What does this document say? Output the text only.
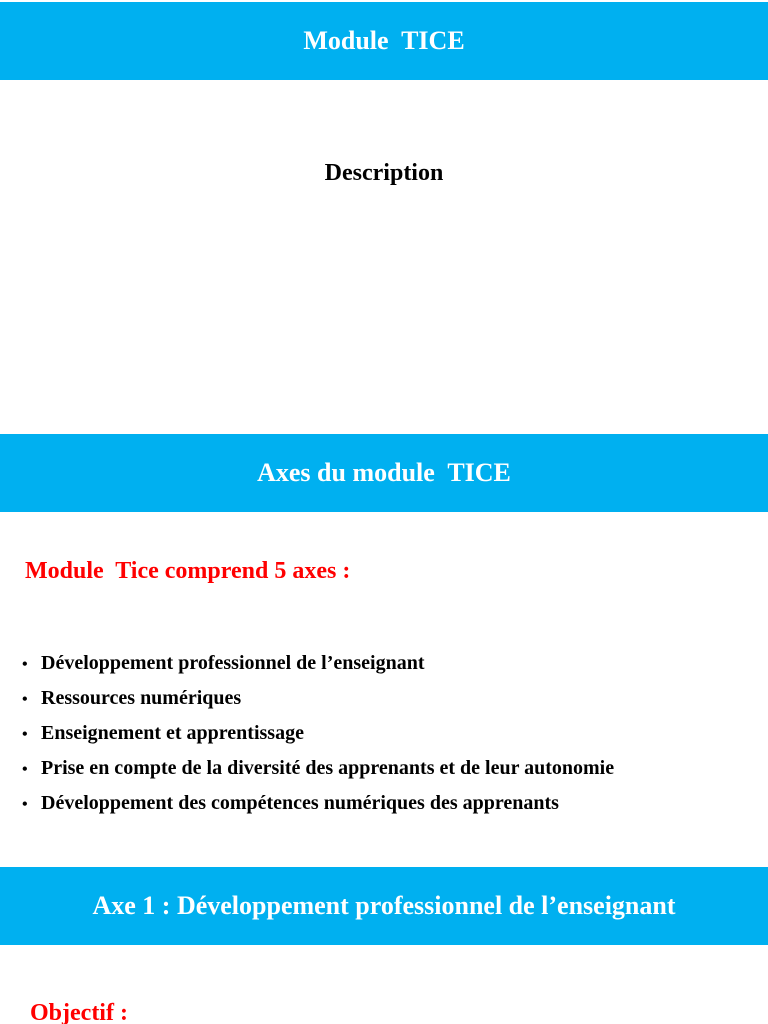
Module  TICE
Description
Axes du module  TICE
Module  Tice comprend 5 axes :
• Développement professionnel de l’enseignant
• Ressources numériques
• Enseignement et apprentissage
• Prise en compte de la diversité des apprenants et de leur autonomie
• Développement des compétences numériques des apprenants
Axe 1 : Développement professionnel de l’enseignant
Objectif :
